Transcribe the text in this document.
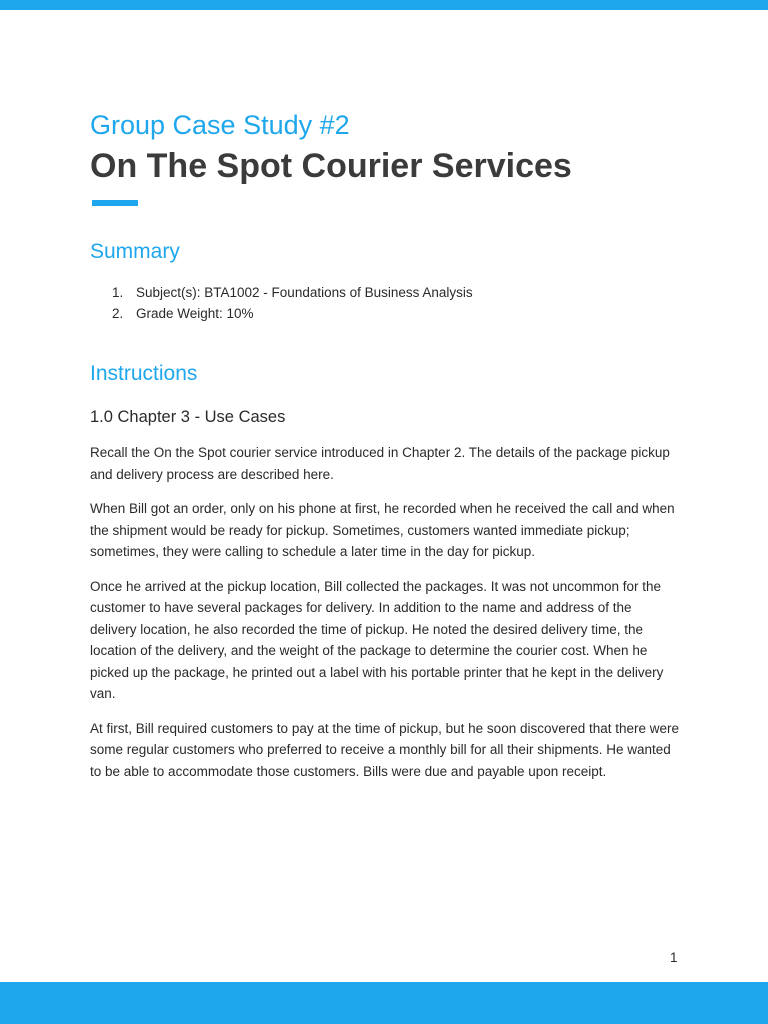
Group Case Study #2
On The Spot Courier Services
Summary
1. Subject(s): BTA1002 - Foundations of Business Analysis
2. Grade Weight: 10%
Instructions
1.0 Chapter 3 - Use Cases

Recall the On the Spot courier service introduced in Chapter 2. The details of the package pickup and delivery process are described here.

When Bill got an order, only on his phone at first, he recorded when he received the call and when the shipment would be ready for pickup. Sometimes, customers wanted immediate pickup; sometimes, they were calling to schedule a later time in the day for pickup.

Once he arrived at the pickup location, Bill collected the packages. It was not uncommon for the customer to have several packages for delivery. In addition to the name and address of the delivery location, he also recorded the time of pickup. He noted the desired delivery time, the location of the delivery, and the weight of the package to determine the courier cost. When he picked up the package, he printed out a label with his portable printer that he kept in the delivery van.

At first, Bill required customers to pay at the time of pickup, but he soon discovered that there were some regular customers who preferred to receive a monthly bill for all their shipments. He wanted to be able to accommodate those customers. Bills were due and payable upon receipt.

1
